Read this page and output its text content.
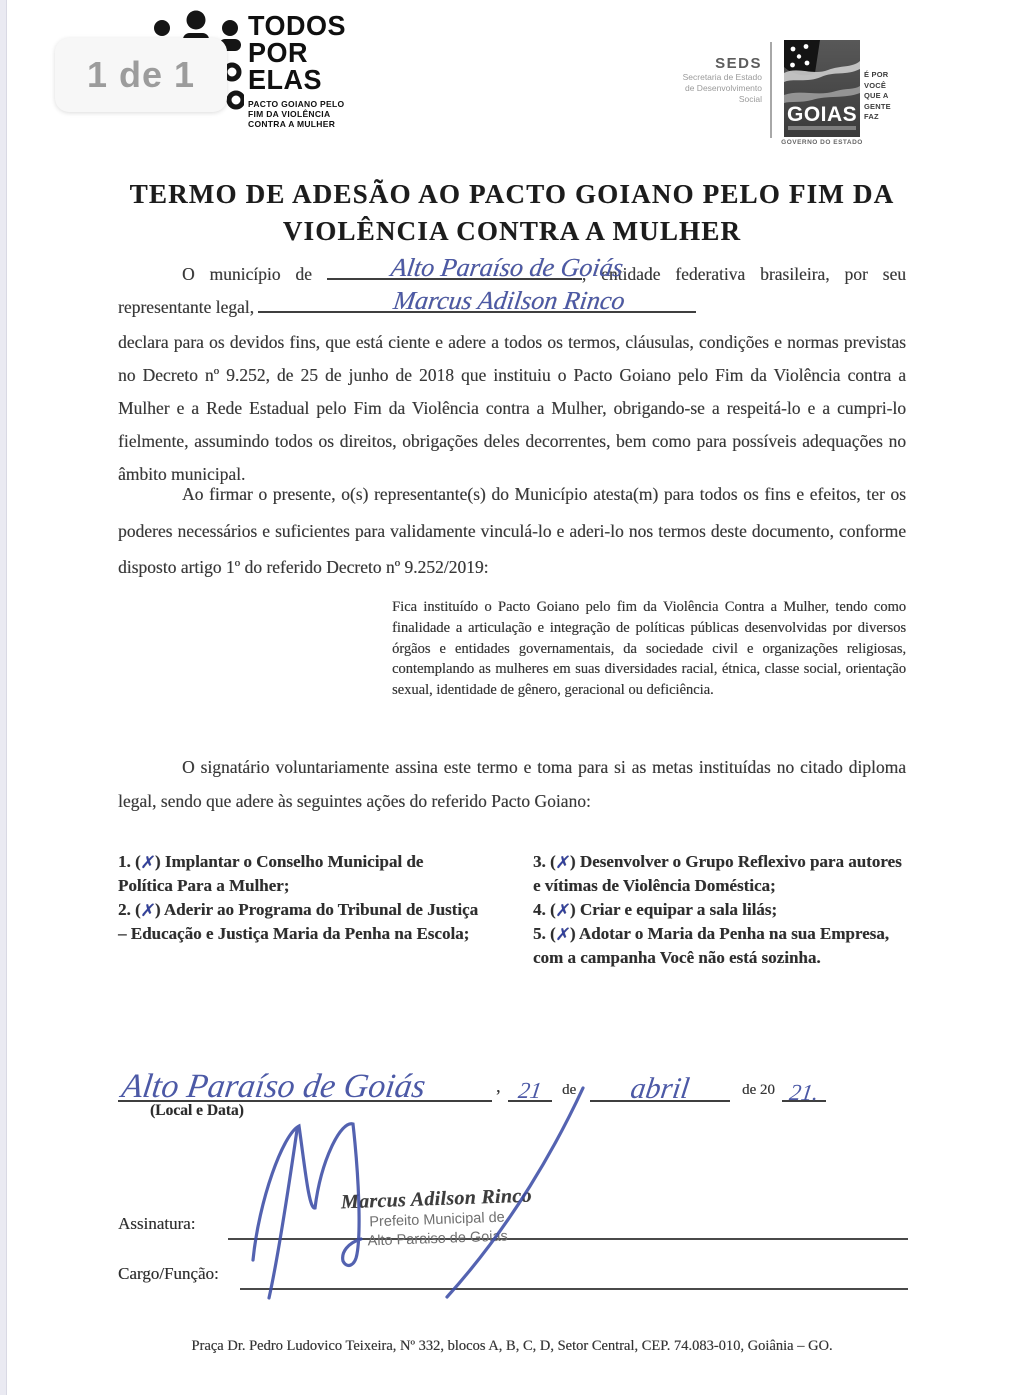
1 de 1
TODOS
POR
ELAS
PACTO GOIANO PELO
FIM DA VIOLÊNCIA
CONTRA A MULHER
SEDS
Secretaria de Estado
de Desenvolvimento
Social
GOIAS
GOVERNO DO ESTADO
É POR
VOCÊ
QUE A
GENTE
FAZ
TERMO DE ADESÃO AO PACTO GOIANO PELO FIM DA
VIOLÊNCIA CONTRA A MULHER

O município de	Alto Paraíso de Goiás
, entidade federativa brasileira, por seu representante legal,	Marcus Adilson Rinco

declara para os devidos fins, que está ciente e adere a todos os termos, cláusulas, condições e normas previstas no Decreto nº 9.252, de 25 de junho de 2018 que instituiu o Pacto Goiano pelo Fim da Violência contra a Mulher e a Rede Estadual pelo Fim da Violência contra a Mulher, obrigando-se a respeitá-lo e a cumpri-lo fielmente, assumindo todos os direitos, obrigações deles decorrentes, bem como para possíveis adequações no âmbito municipal.

Ao firmar o presente, o(s) representante(s) do Município atesta(m) para todos os fins e efeitos, ter os poderes necessários e suficientes para validamente vinculá-lo e aderi-lo nos termos deste documento, conforme disposto artigo 1º do referido Decreto nº 9.252/2019:

Fica instituído o Pacto Goiano pelo fim da Violência Contra a Mulher, tendo como finalidade a articulação e integração de políticas públicas desenvolvidas por diversos órgãos e entidades governamentais, da sociedade civil e organizações religiosas, contemplando as mulheres em suas diversidades racial, étnica, classe social, orientação sexual, identidade de gênero, geracional ou deficiência.

O signatário voluntariamente assina este termo e toma para si as metas instituídas no citado diploma legal, sendo que adere às seguintes ações do referido Pacto Goiano:

1. (✗) Implantar o Conselho Municipal de Política Para a Mulher;
2. (✗) Aderir ao Programa do Tribunal de Justiça – Educação e Justiça Maria da Penha na Escola;
3. (✗) Desenvolver o Grupo Reflexivo para autores e vítimas de Violência Doméstica;
4. (✗) Criar e equipar a sala lilás;
5. (✗) Adotar o Maria da Penha na sua Empresa, com a campanha Você não está sozinha.
Alto Paraíso de Goiás	, 21	de	abril	de 20 21.
(Local e Data)
Marcus Adilson Rinco
Prefeito Municipal de
Alto Paraiso de Goias
Assinatura:
Cargo/Função:
Praça Dr. Pedro Ludovico Teixeira, Nº 332, blocos A, B, C, D, Setor Central, CEP. 74.083-010, Goiânia – GO.
